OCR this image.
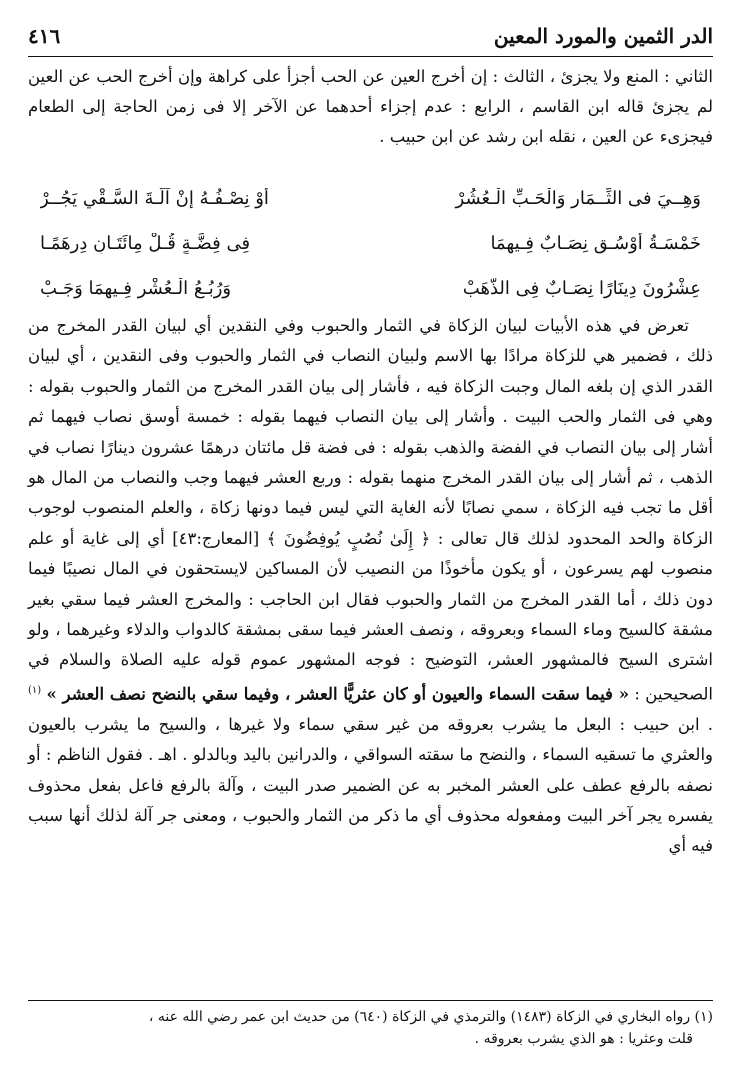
الدر الثمين والمورد المعين
٤١٦
الثاني : المنع ولا يجزئ ، الثالث : إن أخرج العين عن الحب أجزأ على كراهة وإن أخرج الحب عن العين لم يجزئ قاله ابن القاسم ، الرابع : عدم إجزاء أحدهما عن الآخر إلا فى زمن الحاجة إلى الطعام فيجزىء عن العين ، نقله ابن رشد عن ابن حبيب .
وَهِــيَ فى الثِّــمَارِ وَالْحَـبِّ الْـعُشُرْ
أَوْ نِصْـفُـهُ إِنْ آلَـةَ السَّـقْيِ يَجُــرْ
خَمْسَـةُ أَوْسُـقٍ نِصَـابٌ فِـيهِمَا
فِى فِضَّـةٍ قُـلْ مِائَتَـانِ دِرهَمًـا
عِشْرُونَ دِينَارًا نِصَـابٌ فِى الذَّهَبْ
وَرُبُـعُ الْـعُشْرِ فِـيهِمَا وَجَـبْ

تعرض في هذه الأبيات لبيان الزكاة في الثمار والحبوب وفي النقدين أي لبيان القدر المخرج من ذلك ، فضمير هي للزكاة مرادًا بها الاسم ولبيان النصاب في الثمار والحبوب وفى النقدين ، أي لبيان القدر الذي إن بلغه المال وجبت الزكاة فيه ، فأشار إلى بيان القدر المخرج من الثمار والحبوب بقوله : وهي فى الثمار والحب البيت . وأشار إلى بيان النصاب فيهما بقوله : خمسة أوسق نصاب فيهما ثم أشار إلى بيان النصاب في الفضة والذهب بقوله : فى فضة قل مائتان درهمًا عشرون دينارًا نصاب في الذهب ، ثم أشار إلى بيان القدر المخرج منهما بقوله : وربع العشر فيهما وجب والنصاب من المال هو أقل ما تجب فيه الزكاة ، سمي نصابًا لأنه الغاية التي ليس فيما دونها زكاة ، والعلم المنصوب لوجوب الزكاة والحد المحدود لذلك قال تعالى : ﴿ إِلَىٰ نُصُبٍ يُوفِضُونَ ﴾ [المعارج:٤٣] أي إلى غاية أو علم منصوب لهم يسرعون ، أو يكون مأخوذًا من النصيب لأن المساكين لايستحقون في المال نصيبًا فيما دون ذلك ، أما القدر المخرج من الثمار والحبوب فقال ابن الحاجب : والمخرج العشر فيما سقي بغير مشقة كالسيح وماء السماء وبعروقه ، ونصف العشر فيما سقى بمشقة كالدواب والدلاء وغيرهما ، ولو اشترى السيح فالمشهور العشر، التوضيح : فوجه المشهور عموم قوله عليه الصلاة والسلام في الصحيحين : « فيما سقت السماء والعيون أو كان عثريًّا العشر ، وفيما سقي بالنضح نصف العشر » $^{(١)}$ . ابن حبيب : البعل ما يشرب بعروقه من غير سقي سماء ولا غيرها ، والسيح ما يشرب بالعيون والعثري ما تسقيه السماء ، والنضح ما سقته السواقي ، والدرانين باليد وبالدلو . اهـ . فقول الناظم : أو نصفه بالرفع عطف على العشر المخبر به عن الضمير صدر البيت ، وآلة بالرفع فاعل بفعل محذوف يفسره يجر آخر البيت ومفعوله محذوف أي ما ذكر من الثمار والحبوب ، ومعنى جر آلة لذلك أنها سبب فيه أي

(١) رواه البخاري في الزكاة (١٤٨٣) والترمذي في الزكاة (٦٤٠) من حديث ابن عمر رضي الله عنه ،

قلت وعثريا : هو الذي يشرب بعروقه .
